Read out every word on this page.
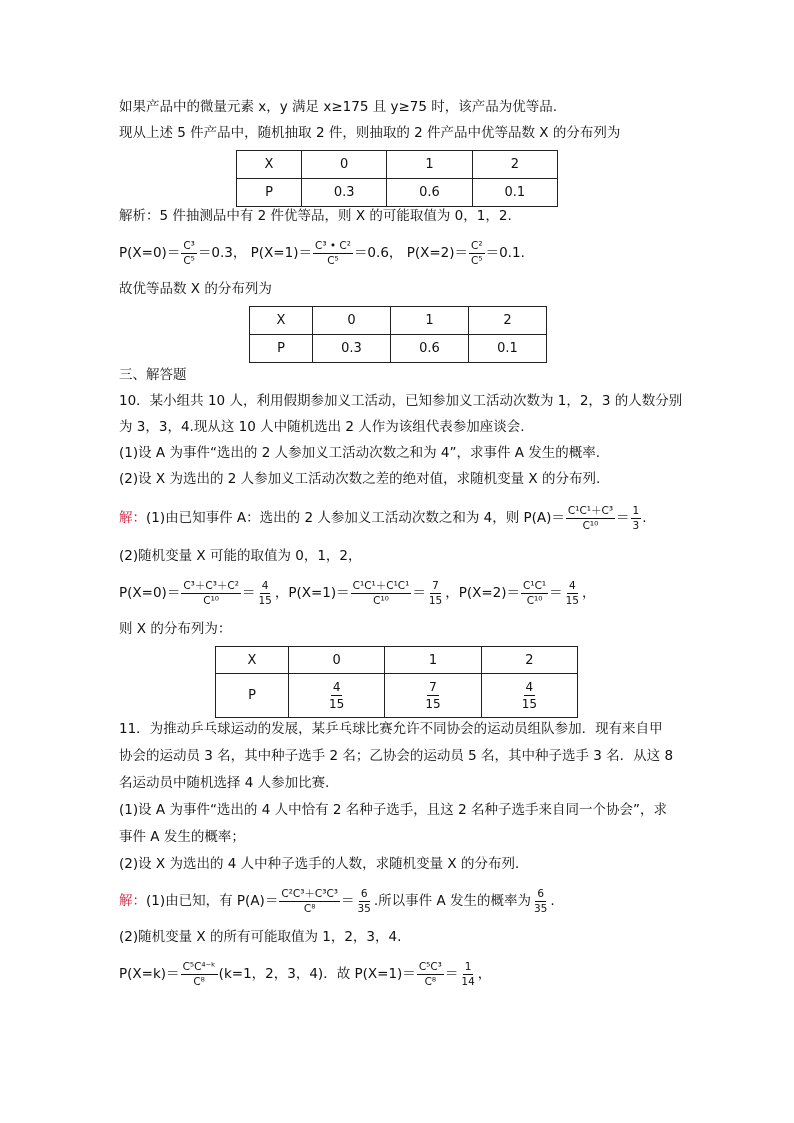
如果产品中的微量元素 x，y 满足 x≥175 且 y≥75 时，该产品为优等品.
现从上述 5 件产品中，随机抽取 2 件，则抽取的 2 件产品中优等品数 X 的分布列为
X	0	1	2
P	0.3	0.6	0.1
解析：5 件抽测品中有 2 件优等品，则 X 的可能取值为 0，1，2.
$P(X=0)= \frac{\text{C³}}{\text{C⁵}} =0.3$， $P(X=1)= \frac{\text{C³ • C²}}{\text{C⁵}} =0.6$， $P(X=2)= \frac{\text{C²}}{\text{C⁵}} =0.1$.
故优等品数 X 的分布列为
X	0	1	2
P	0.3	0.6	0.1
三、解答题
10．某小组共 10 人，利用假期参加义工活动，已知参加义工活动次数为 1，2，3 的人数分别
为 3，3，4.现从这 10 人中随机选出 2 人作为该组代表参加座谈会.
(1)设 A 为事件“选出的 2 人参加义工活动次数之和为 4”，求事件 A 发生的概率.
(2)设 X 为选出的 2 人参加义工活动次数之差的绝对值，求随机变量 X 的分布列.
解：(1)由已知事件 A：选出的 2 人参加义工活动次数之和为 4，则 $P(A)= \frac{\text{C¹C¹＋C³}}{\text{C¹⁰}} = \frac{1}{3}$ .
(2)随机变量 X 可能的取值为 0，1，2，
$P(X=0)= \frac{\text{C³＋C³＋C²}}{\text{C¹⁰}} = \frac{4}{15}$ ，$P(X=1)= \frac{\text{C¹C¹＋C¹C¹}}{\text{C¹⁰}} = \frac{7}{15}$ ，$P(X=2)= \frac{\text{C¹C¹}}{\text{C¹⁰}} = \frac{4}{15}$ ，
则 X 的分布列为：
X	0	1	2
P	$\frac{4}{15}$	$\frac{7}{15}$	$\frac{4}{15}$
11．为推动乒乓球运动的发展，某乒乓球比赛允许不同协会的运动员组队参加．现有来自甲
协会的运动员 3 名，其中种子选手 2 名；乙协会的运动员 5 名，其中种子选手 3 名．从这 8
名运动员中随机选择 4 人参加比赛．
(1)设 A 为事件“选出的 4 人中恰有 2 名种子选手，且这 2 名种子选手来自同一个协会”，求
事件 A 发生的概率；
(2)设 X 为选出的 4 人中种子选手的人数，求随机变量 X 的分布列．
解：(1)由已知，有 $P(A)= \frac{\text{C²C³＋C³C³}}{\text{C⁸}} = \frac{6}{35}$ .所以事件 A 发生的概率为 $\frac{6}{35}$ .
(2)随机变量 X 的所有可能取值为 1，2，3，4.
$P(X=k)= \frac{\text{C⁵C⁴⁻ᵏ}}{\text{C⁸}} (k=1$，2，3，4)．故 $P(X=1)= \frac{\text{C⁵C³}}{\text{C⁸}} = \frac{1}{14}$ ，
